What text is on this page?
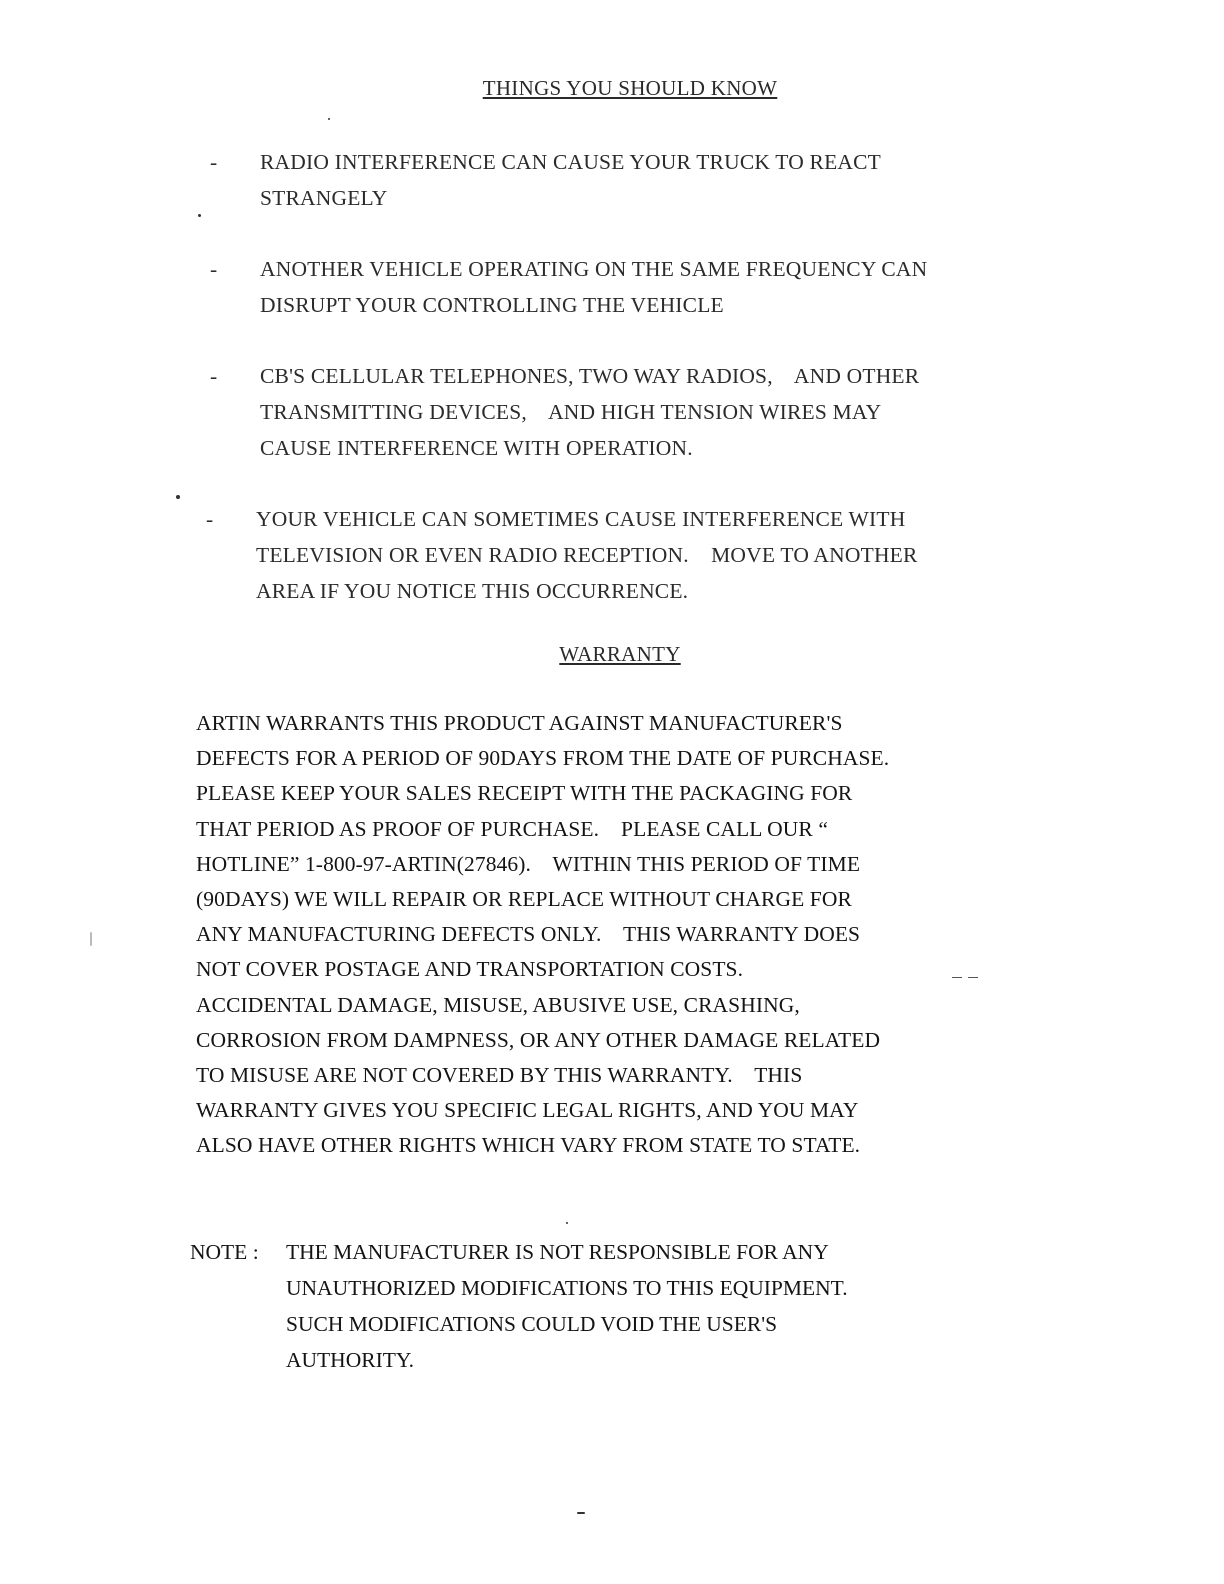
THINGS YOU SHOULD KNOW
- RADIO INTERFERENCE CAN CAUSE YOUR TRUCK TO REACT
STRANGELY
- ANOTHER VEHICLE OPERATING ON THE SAME FREQUENCY CAN
DISRUPT YOUR CONTROLLING THE VEHICLE
- CB'S CELLULAR TELEPHONES, TWO WAY RADIOS,    AND OTHER
TRANSMITTING DEVICES,    AND HIGH TENSION WIRES MAY
CAUSE INTERFERENCE WITH OPERATION.
- YOUR VEHICLE CAN SOMETIMES CAUSE INTERFERENCE WITH
TELEVISION OR EVEN RADIO RECEPTION.    MOVE TO ANOTHER
AREA IF YOU NOTICE THIS OCCURRENCE.
WARRANTY
ARTIN WARRANTS THIS PRODUCT AGAINST MANUFACTURER'S
DEFECTS FOR A PERIOD OF 90DAYS FROM THE DATE OF PURCHASE.
PLEASE KEEP YOUR SALES RECEIPT WITH THE PACKAGING FOR
THAT PERIOD AS PROOF OF PURCHASE.    PLEASE CALL OUR “
HOTLINE” 1-800-97-ARTIN(27846).    WITHIN THIS PERIOD OF TIME
(90DAYS) WE WILL REPAIR OR REPLACE WITHOUT CHARGE FOR
ANY MANUFACTURING DEFECTS ONLY.    THIS WARRANTY DOES
NOT COVER POSTAGE AND TRANSPORTATION COSTS.
ACCIDENTAL DAMAGE, MISUSE, ABUSIVE USE, CRASHING,
CORROSION FROM DAMPNESS, OR ANY OTHER DAMAGE RELATED
TO MISUSE ARE NOT COVERED BY THIS WARRANTY.    THIS
WARRANTY GIVES YOU SPECIFIC LEGAL RIGHTS, AND YOU MAY
ALSO HAVE OTHER RIGHTS WHICH VARY FROM STATE TO STATE.
NOTE : THE MANUFACTURER IS NOT RESPONSIBLE FOR ANY
UNAUTHORIZED MODIFICATIONS TO THIS EQUIPMENT.
SUCH MODIFICATIONS COULD VOID THE USER'S
AUTHORITY.
